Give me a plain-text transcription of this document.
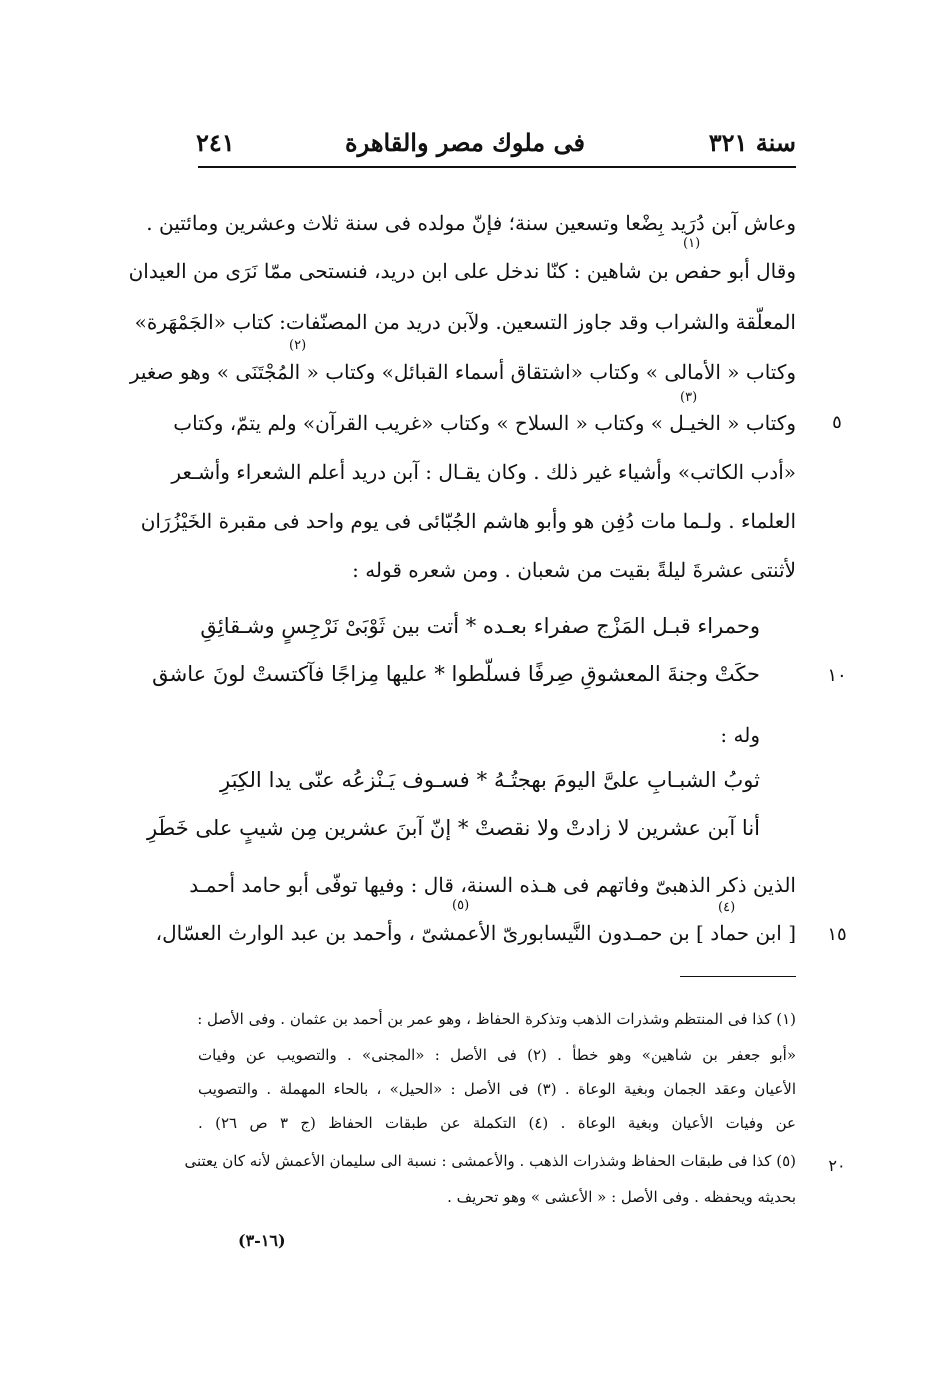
سنة ٣٢١
فى ملوك مصر والقاهرة
٢٤١
وعاش آبن دُرَيد بِضْعا وتسعين سنة؛ فإنّ مولده فى سنة ثلاث وعشرين ومائتين .
(١)
وقال أبو حفص بن شاهين : كنّا ندخل على ابن دريد، فنستحى ممّا نَرَى من العيدان
المعلّقة والشراب وقد جاوز التسعين. ولآبن دريد من المصنّفات: كتاب «الجَمْهَرة»
(٢)
وكتاب « الأمالى » وكتاب «اشتقاق أسماء القبائل» وكتاب « المُجْتَنَى » وهو صغير
(٣)
وكتاب « الخيـل » وكتاب « السلاح » وكتاب «غريب القرآن» ولم يتمّ، وكتاب	٥
«أدب الكاتب» وأشياء غير ذلك . وكان يقـال : آبن دريد أعلم الشعراء وأشـعر
العلماء . ولـما مات دُفِن هو وأبو هاشم الجُبّائى فى يوم واحد فى مقبرة الخَيْزُرَان
لأثنتى عشرةَ ليلةً بقيت من شعبان . ومن شعره قوله :
وحمراء قبـل المَزْج صفراء بعـده * أتت بين ثَوْبَىْ نَرْجِسٍ وشـقائِقِ
حكَتْ وجنةَ المعشوقِ صِرفًا فسلّطوا * عليها مِزاجًا فآكتستْ لونَ عاشق	١٠
وله :
ثوبُ الشبـابِ علىَّ اليومَ بهجتُـهُ * فسـوف يَـنْزعُه عنّى يدا الكِبَرِ
أنا آبن عشرين لا زادتْ ولا نقصتْ * إنّ آبنَ عشرين مِن شيبٍ على خَطَرِ
الذين ذكر الذهبىّ وفاتهم فى هـذه السنة، قال : وفيها توفّى أبو حامد أحمـد
(٤)
(٥)
[ ابن حماد ] بن حمـدون النَّيسابورىّ الأعمشىّ ، وأحمد بن عبد الوارث العسّال، ١٥
(١) كذا فى المنتظم وشذرات الذهب وتذكرة الحفاظ ، وهو عمر بن أحمد بن عثمان . وفى الأصل :
«أبو جعفر بن شاهين» وهو خطأ . (٢) فى الأصل : «المجنى» . والتصويب عن وفيات
الأعيان وعقد الجمان وبغية الوعاة . (٣) فى الأصل : «الحيل» ، بالحاء المهملة . والتصويب
عن وفيات الأعيان وبغية الوعاة . (٤) التكملة عن طبقات الحفاظ (ج ٣ ص ٢٦) .
(٥) كذا فى طبقات الحفاظ وشذرات الذهب . والأعمشى : نسبة الى سليمان الأعمش لأنه كان يعتنى	٢٠
بحديثه ويحفظه . وفى الأصل : « الأعشى » وهو تحريف .
(١٦-٣)
